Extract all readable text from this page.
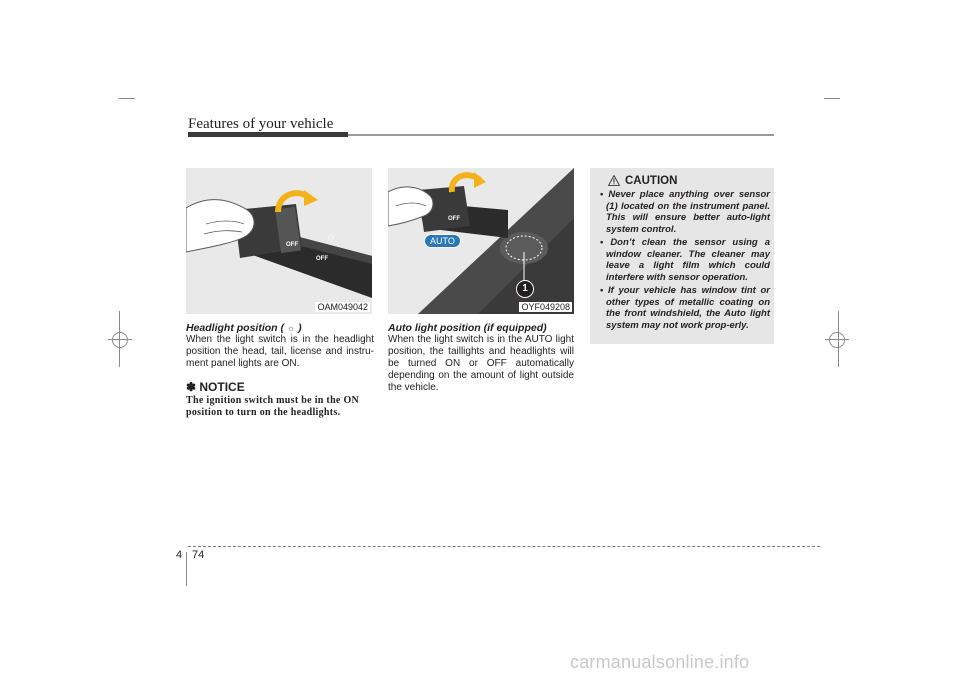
Features of your vehicle
◇
OFF
OFF
OAM049042
AUTO
OFF
1
OYF049208

Headlight position ( ☼ )

When the light switch is in the headlight position the head, tail, license and instru-ment panel lights are ON.

✽ NOTICE

The ignition switch must be in the ON position to turn on the headlights.

Auto light position (if equipped)

When the light switch is in the AUTO light position, the taillights and headlights will be turned ON or OFF automatically depending on the amount of light outside the vehicle.

CAUTION
• Never place anything over sensor (1) located on the instrument panel. This will ensure better auto-light system control.
• Don’t clean the sensor using a window cleaner. The cleaner may leave a light film which could interfere with sensor operation.
• If your vehicle has window tint or other types of metallic coating on the front windshield, the Auto light system may not work prop-erly.
4 74
carmanualsonline.info
